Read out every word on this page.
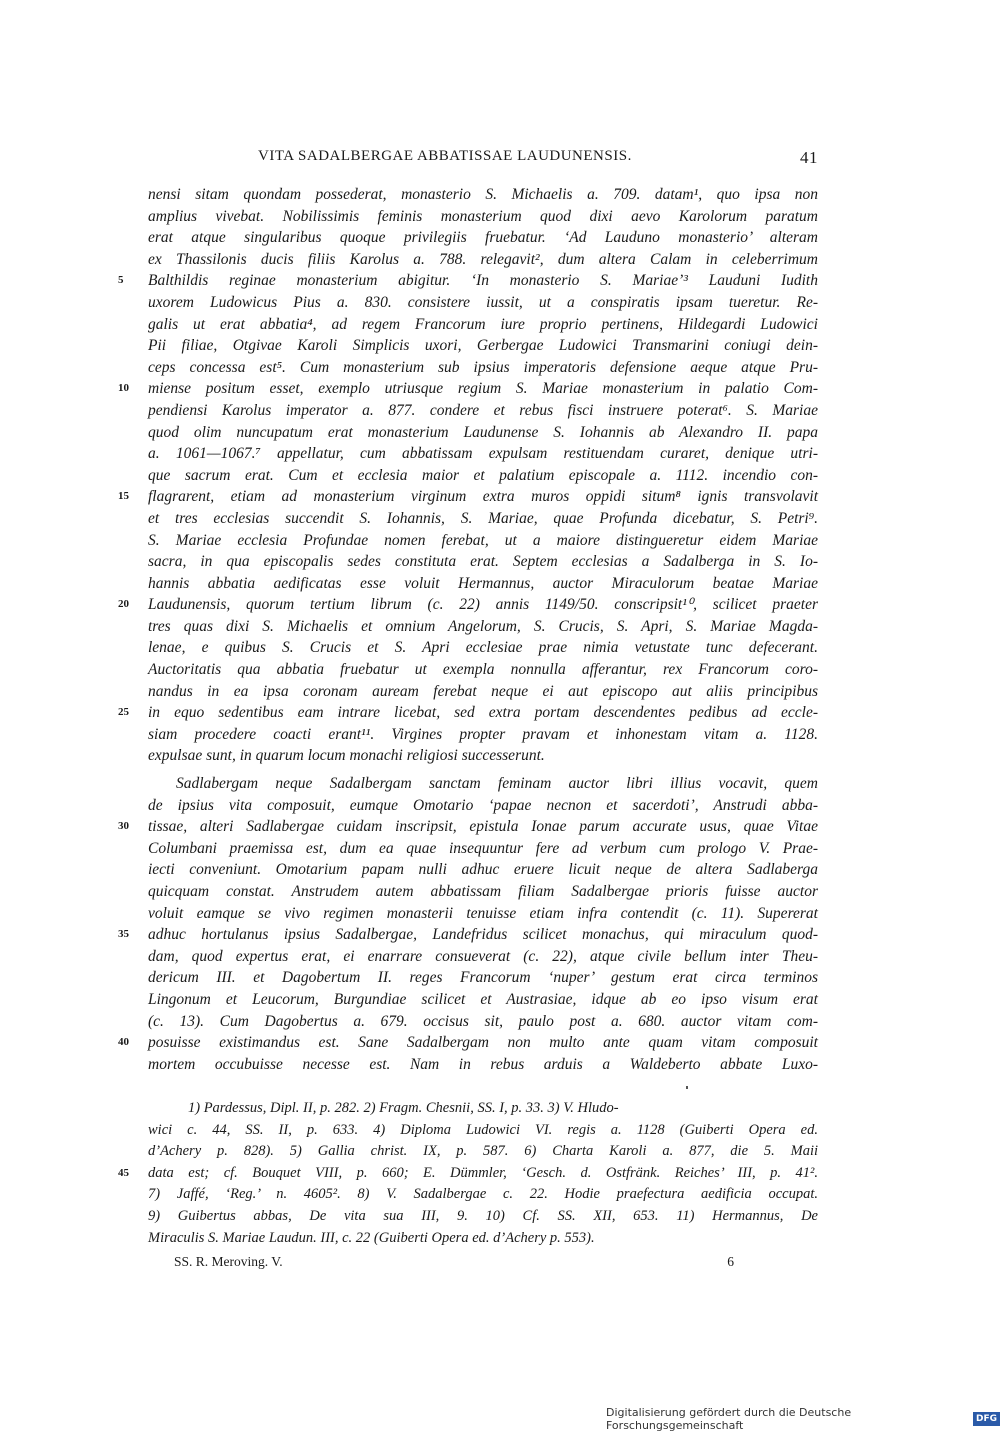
VITA SADALBERGAE ABBATISSAE LAUDUNENSIS.	41
nensi sitam quondam possederat, monasterio S. Michaelis a. 709. datam¹, quo ipsa non
amplius vivebat. Nobilissimis feminis monasterium quod dixi aevo Karolorum paratum
erat atque singularibus quoque privilegiis fruebatur. ‘Ad Lauduno monasterio’ alteram
ex Thassilonis ducis filiis Karolus a. 788. relegavit², dum altera Calam in celeberrimum
Balthildis reginae monasterium abigitur. ‘In monasterio S. Mariae’³ Lauduni Iudith
5
uxorem Ludowicus Pius a. 830. consistere iussit, ut a conspiratis ipsam tueretur. Re-
galis ut erat abbatia⁴, ad regem Francorum iure proprio pertinens, Hildegardi Ludowici
Pii filiae, Otgivae Karoli Simplicis uxori, Gerbergae Ludowici Transmarini coniugi dein-
ceps concessa est⁵. Cum monasterium sub ipsius imperatoris defensione aeque atque Pru-
miense positum esset, exemplo utriusque regium S. Mariae monasterium in palatio Com-
10
pendiensi Karolus imperator a. 877. condere et rebus fisci instruere poterat⁶. S. Mariae
quod olim nuncupatum erat monasterium Laudunense S. Iohannis ab Alexandro II. papa
a. 1061—1067.⁷ appellatur, cum abbatissam expulsam restituendam curaret, denique utri-
que sacrum erat. Cum et ecclesia maior et palatium episcopale a. 1112. incendio con-
flagrarent, etiam ad monasterium virginum extra muros oppidi situm⁸ ignis transvolavit
15
et tres ecclesias succendit S. Iohannis, S. Mariae, quae Profunda dicebatur, S. Petri⁹.
S. Mariae ecclesia Profundae nomen ferebat, ut a maiore distingueretur eidem Mariae
sacra, in qua episcopalis sedes constituta erat. Septem ecclesias a Sadalberga in S. Io-
hannis abbatia aedificatas esse voluit Hermannus, auctor Miraculorum beatae Mariae
Laudunensis, quorum tertium librum (c. 22) annis 1149/50. conscripsit¹⁰, scilicet praeter
20
tres quas dixi S. Michaelis et omnium Angelorum, S. Crucis, S. Apri, S. Mariae Magda-
lenae, e quibus S. Crucis et S. Apri ecclesiae prae nimia vetustate tunc defecerant.
Auctoritatis qua abbatia fruebatur ut exempla nonnulla afferantur, rex Francorum coro-
nandus in ea ipsa coronam auream ferebat neque ei aut episcopo aut aliis principibus
in equo sedentibus eam intrare licebat, sed extra portam descendentes pedibus ad eccle-
25
siam procedere coacti erant¹¹. Virgines propter pravam et inhonestam vitam a. 1128.
expulsae sunt, in quarum locum monachi religiosi successerunt.
Sadlabergam neque Sadalbergam sanctam feminam auctor libri illius vocavit, quem
de ipsius vita composuit, eumque Omotario ‘papae necnon et sacerdoti’, Anstrudi abba-
tissae, alteri Sadlabergae cuidam inscripsit, epistula Ionae parum accurate usus, quae Vitae
30
Columbani praemissa est, dum ea quae insequuntur fere ad verbum cum prologo V. Prae-
iecti conveniunt. Omotarium papam nulli adhuc eruere licuit neque de altera Sadlaberga
quicquam constat. Anstrudem autem abbatissam filiam Sadalbergae prioris fuisse auctor
voluit eamque se vivo regimen monasterii tenuisse etiam infra contendit (c. 11). Supererat
adhuc hortulanus ipsius Sadalbergae, Landefridus scilicet monachus, qui miraculum quod-
35
dam, quod expertus erat, ei enarrare consueverat (c. 22), atque civile bellum inter Theu-
dericum III. et Dagobertum II. reges Francorum ‘nuper’ gestum erat circa terminos
Lingonum et Leucorum, Burgundiae scilicet et Austrasiae, idque ab eo ipso visum erat
(c. 13). Cum Dagobertus a. 679. occisus sit, paulo post a. 680. auctor vitam com-
posuisse existimandus est. Sane Sadalbergam non multo ante quam vitam composuit
40
mortem occubuisse necesse est. Nam in rebus arduis a Waldeberto abbate Luxo-
1) Pardessus, Dipl. II, p. 282. 2) Fragm. Chesnii, SS. I, p. 33. 3) V. Hludo-
wici c. 44, SS. II, p. 633. 4) Diploma Ludowici VI. regis a. 1128 (Guiberti Opera ed.
d’Achery p. 828). 5) Gallia christ. IX, p. 587. 6) Charta Karoli a. 877, die 5. Maii
data est; cf. Bouquet VIII, p. 660; E. Dümmler, ‘Gesch. d. Ostfränk. Reiches’ III, p. 41².
45
7) Jaffé, ‘Reg.’ n. 4605². 8) V. Sadalbergae c. 22. Hodie praefectura aedificia occupat.
9) Guibertus abbas, De vita sua III, 9. 10) Cf. SS. XII, 653. 11) Hermannus, De
Miraculis S. Mariae Laudun. III, c. 22 (Guiberti Opera ed. d’Achery p. 553).
SS. R. Meroving. V.	6
Digitalisierung gefördert durch die Deutsche Forschungsgemeinschaft	DFG
